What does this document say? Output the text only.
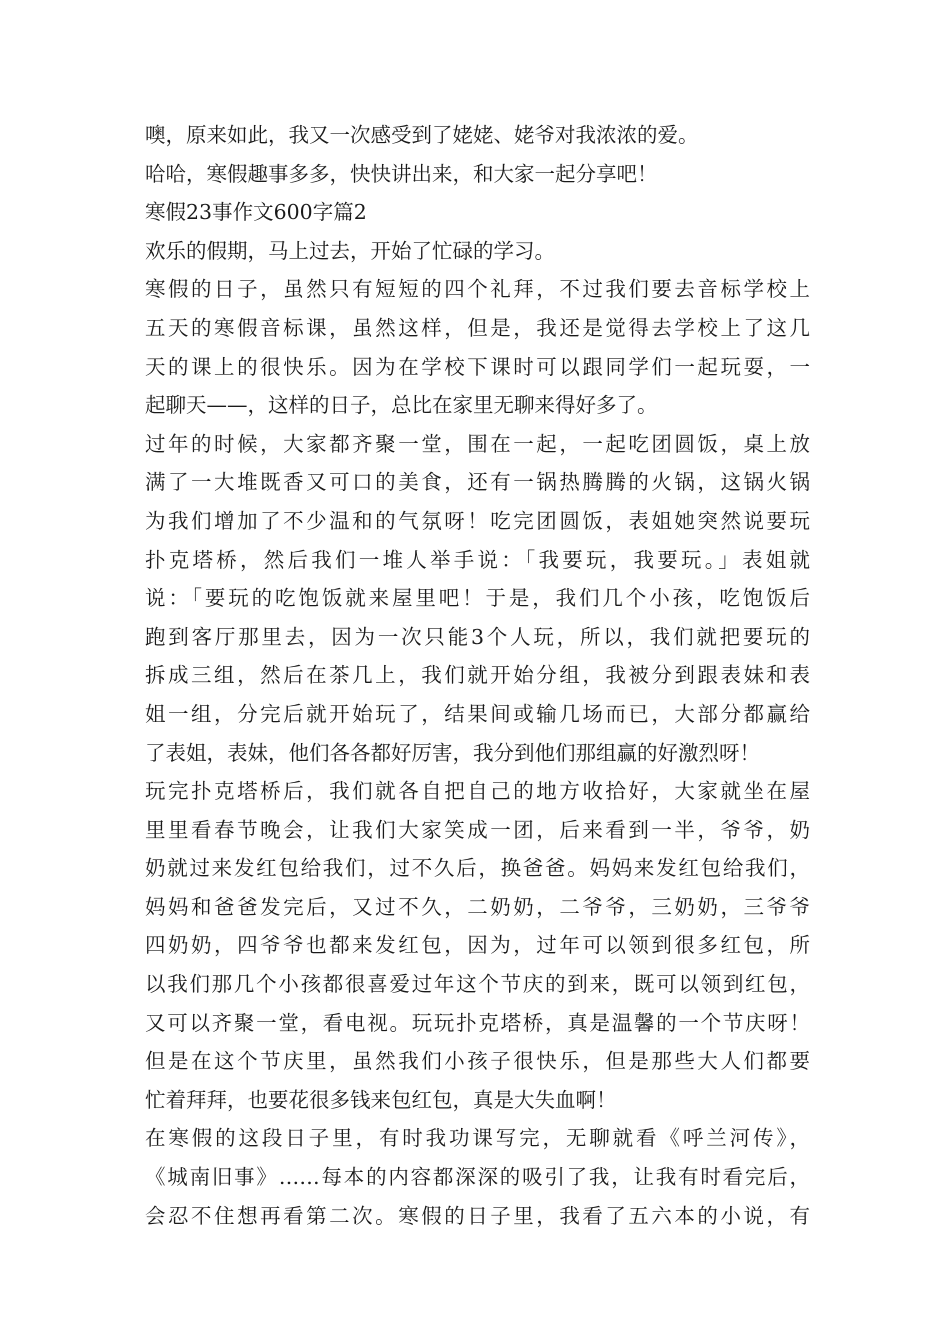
噢，原来如此，我又一次感受到了姥姥、姥爷对我浓浓的爱。
哈哈，寒假趣事多多，快快讲出来，和大家一起分享吧！
寒假23事作文600字篇2
欢乐的假期，马上过去，开始了忙碌的学习。
寒假的日子，虽然只有短短的四个礼拜，不过我们要去音标学校上
五天的寒假音标课，虽然这样，但是，我还是觉得去学校上了这几
天的课上的很快乐。因为在学校下课时可以跟同学们一起玩耍，一
起聊天——，这样的日子，总比在家里无聊来得好多了。
过年的时候，大家都齐聚一堂，围在一起，一起吃团圆饭，桌上放
满了一大堆既香又可口的美食，还有一锅热腾腾的火锅，这锅火锅
为我们增加了不少温和的气氛呀！吃完团圆饭，表姐她突然说要玩
扑克塔桥，然后我们一堆人举手说：「我要玩，我要玩。」表姐就
说：「要玩的吃饱饭就来屋里吧！于是，我们几个小孩，吃饱饭后
跑到客厅那里去，因为一次只能3个人玩，所以，我们就把要玩的
拆成三组，然后在茶几上，我们就开始分组，我被分到跟表妹和表
姐一组，分完后就开始玩了，结果间或输几场而已，大部分都赢给
了表姐，表妹，他们各各都好厉害，我分到他们那组赢的好激烈呀！
玩完扑克塔桥后，我们就各自把自己的地方收拾好，大家就坐在屋
里里看春节晚会，让我们大家笑成一团，后来看到一半，爷爷，奶
奶就过来发红包给我们，过不久后，换爸爸。妈妈来发红包给我们，
妈妈和爸爸发完后，又过不久，二奶奶，二爷爷，三奶奶，三爷爷
四奶奶，四爷爷也都来发红包，因为，过年可以领到很多红包，所
以我们那几个小孩都很喜爱过年这个节庆的到来，既可以领到红包，
又可以齐聚一堂，看电视。玩玩扑克塔桥，真是温馨的一个节庆呀！
但是在这个节庆里，虽然我们小孩子很快乐，但是那些大人们都要
忙着拜拜，也要花很多钱来包红包，真是大失血啊！
在寒假的这段日子里，有时我功课写完，无聊就看《呼兰河传》，
《城南旧事》……每本的内容都深深的吸引了我，让我有时看完后，
会忍不住想再看第二次。寒假的日子里，我看了五六本的小说，有
